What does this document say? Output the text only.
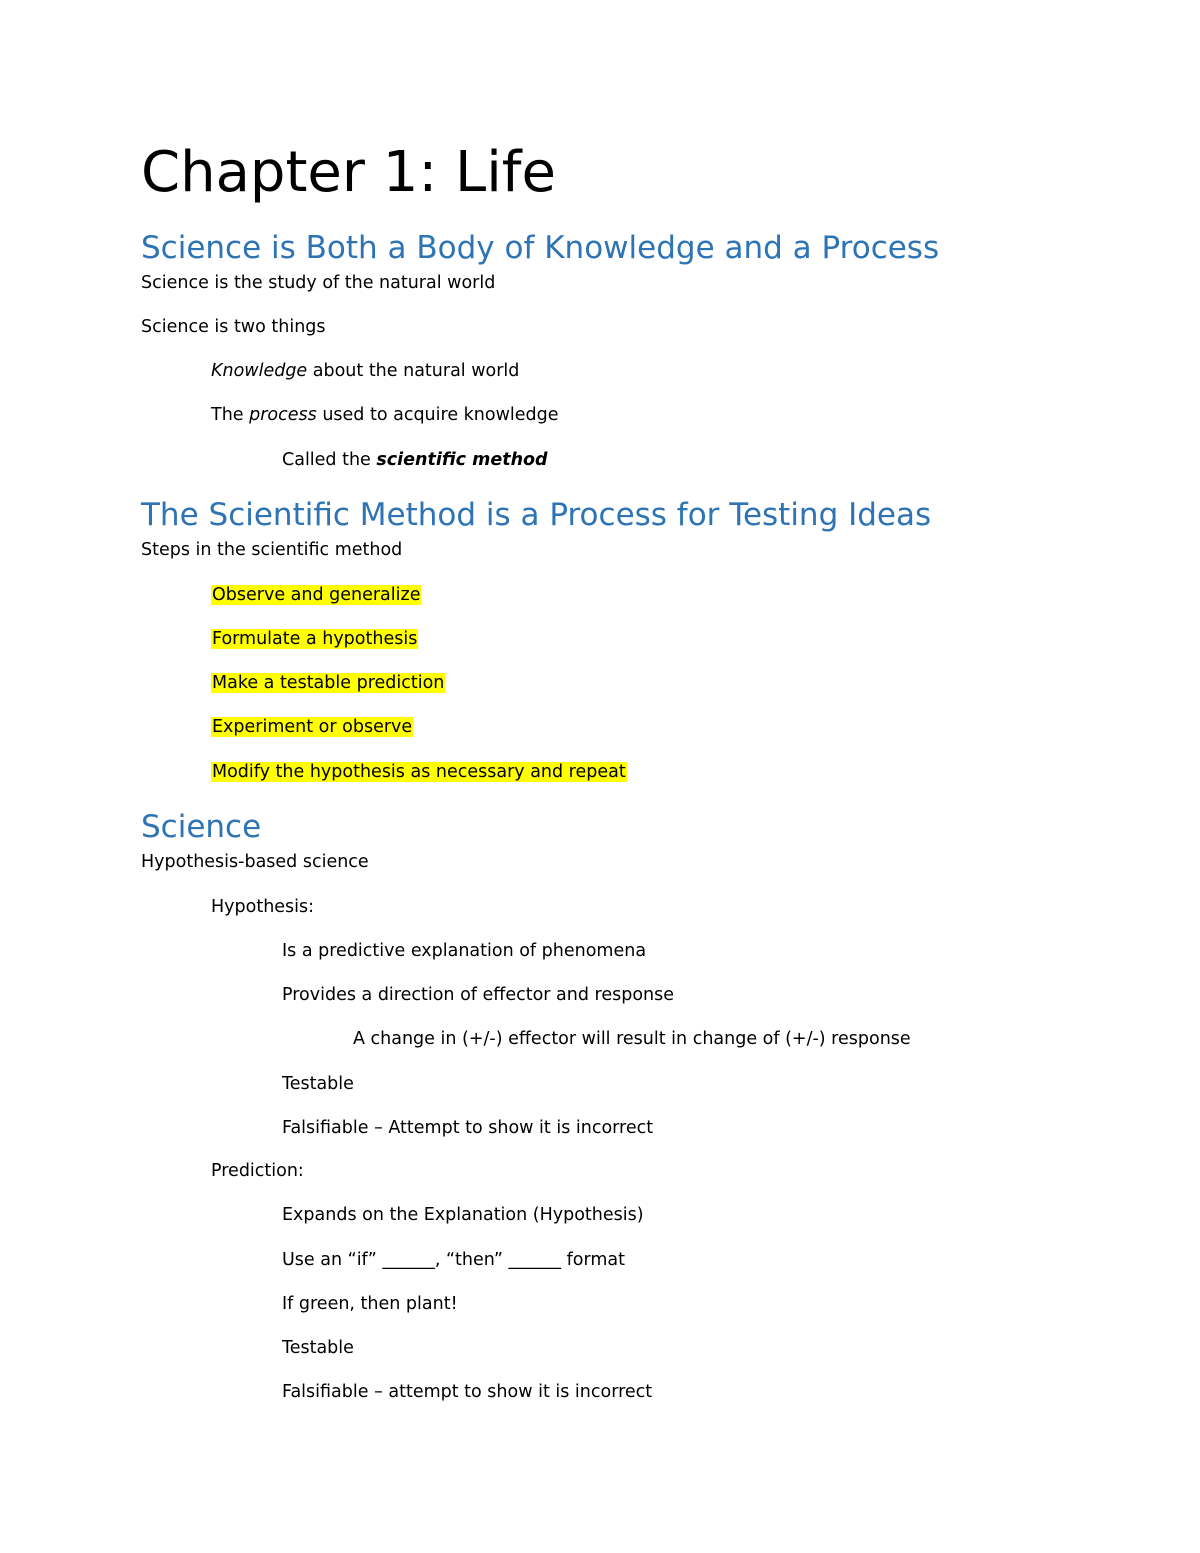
Chapter 1: Life
Science is Both a Body of Knowledge and a Process

Science is the study of the natural world

Science is two things

Knowledge about the natural world

The process used to acquire knowledge

Called the scientific method

The Scientific Method is a Process for Testing Ideas

Steps in the scientific method

Observe and generalize

Formulate a hypothesis

Make a testable prediction

Experiment or observe

Modify the hypothesis as necessary and repeat

Science

Hypothesis-based science

Hypothesis:

Is a predictive explanation of phenomena

Provides a direction of effector and response

A change in (+/-) effector will result in change of (+/-) response

Testable

Falsifiable – Attempt to show it is incorrect

Prediction:

Expands on the Explanation (Hypothesis)

Use an “if” ______, “then” ______ format

If green, then plant!

Testable

Falsifiable – attempt to show it is incorrect
